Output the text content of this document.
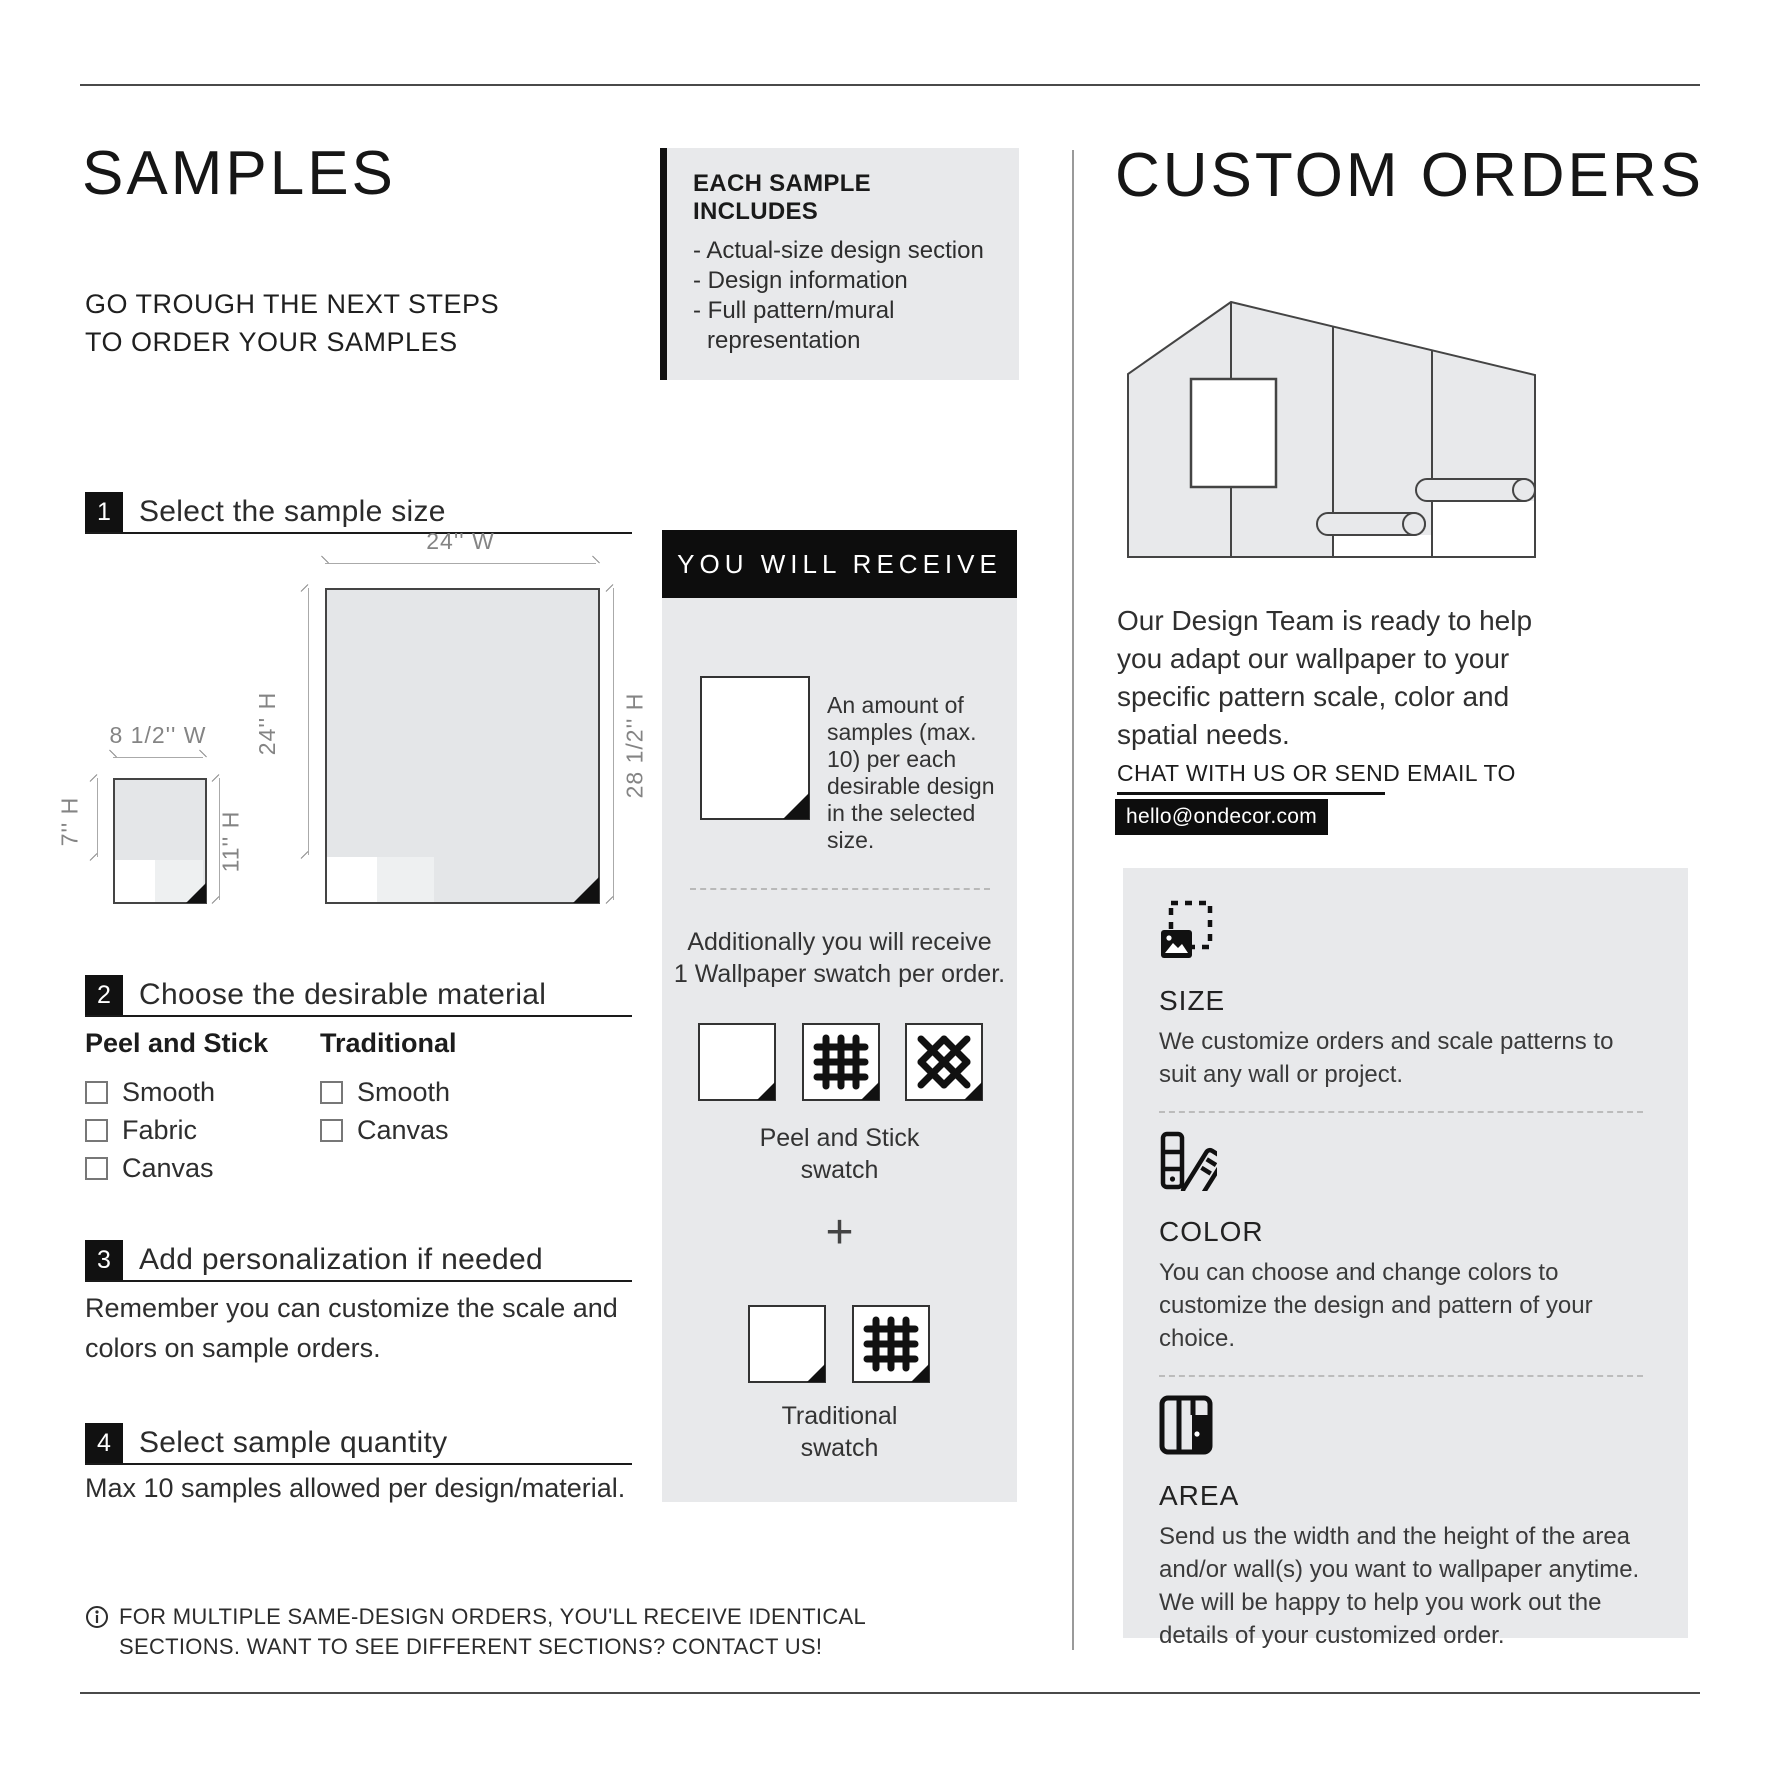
SAMPLES
GO TROUGH THE NEXT STEPS
TO ORDER YOUR SAMPLES
EACH SAMPLE INCLUDES
- Actual-size design section
- Design information
- Full pattern/mural representation
1 Select the sample size
24'' W
24'' H	28 1/2'' H
8 1/2'' W
7'' H	11'' H
2 Choose the desirable material
Peel and Stick
Smooth
Fabric
Canvas
Traditional
Smooth
Canvas
3 Add personalization if needed
Remember you can customize the scale and colors on sample orders.
4 Select sample quantity
Max 10 samples allowed per design/material.
FOR MULTIPLE SAME-DESIGN ORDERS, YOU'LL RECEIVE IDENTICAL
SECTIONS. WANT TO SEE DIFFERENT SECTIONS? CONTACT US!
YOU WILL RECEIVE
An amount of samples (max. 10) per each desirable design in the selected size.
Additionally you will receive
1 Wallpaper swatch per order.
Peel and Stick
swatch
+
Traditional
swatch
CUSTOM ORDERS
Our Design Team is ready to help you adapt our wallpaper to your specific pattern scale, color and spatial needs.
CHAT WITH US OR SEND EMAIL TO
hello@ondecor.com
SIZE
We customize orders and scale patterns to suit any wall or project.
COLOR
You can choose and change colors to customize the design and pattern of your choice.
AREA
Send us the width and the height of the area and/or wall(s) you want to wallpaper anytime. We will be happy to help you work out the details of your customized order.
